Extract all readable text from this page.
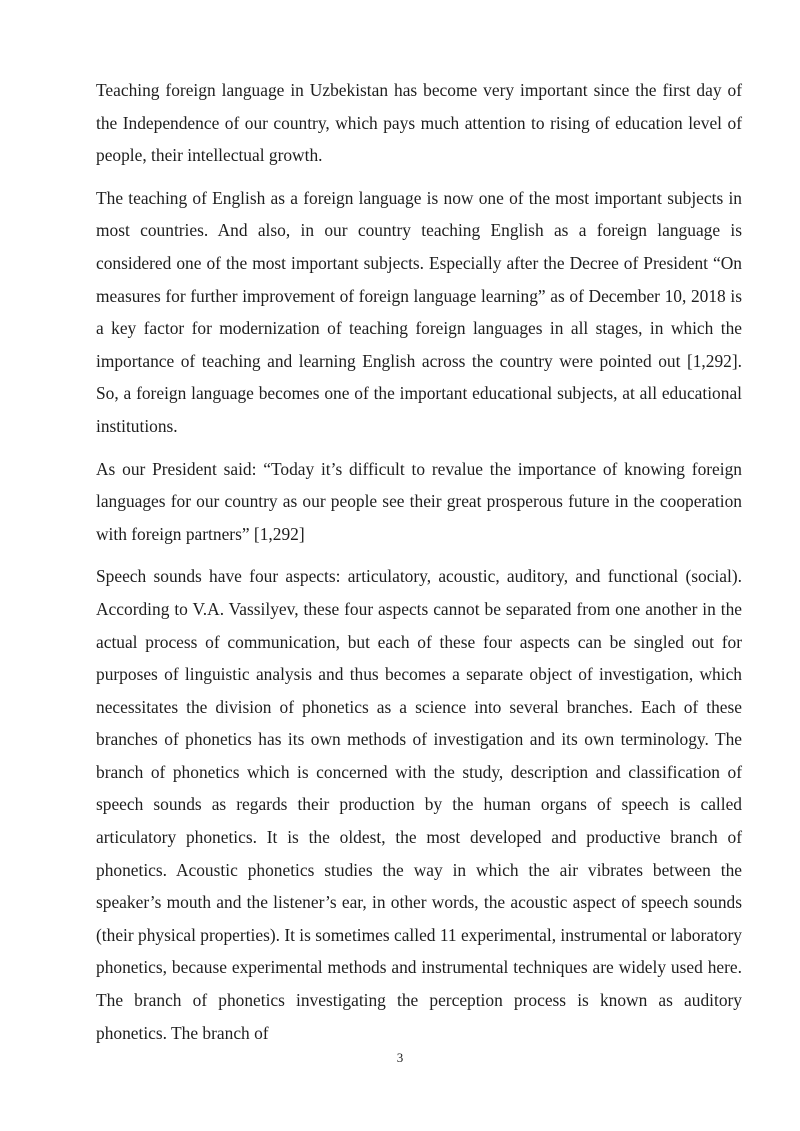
Teaching foreign language in Uzbekistan has become very important since the first day of the Independence of our country, which pays much attention to rising of education level of people, their intellectual growth.

The teaching of English as a foreign language is now one of the most important subjects in most countries. And also, in our country teaching English as a foreign language is considered one of the most important subjects. Especially after the Decree of President “On measures for further improvement of foreign language learning” as of December 10, 2018 is a key factor for modernization of teaching foreign languages in all stages, in which the importance of teaching and learning English across the country were pointed out [1,292]. So, a foreign language becomes one of the important educational subjects, at all educational institutions.

As our President said: “Today it’s difficult to revalue the importance of knowing foreign languages for our country as our people see their great prosperous future in the cooperation with foreign partners” [1,292]

Speech sounds have four aspects: articulatory, acoustic, auditory, and functional (social). According to V.A. Vassilyev, these four aspects cannot be separated from one another in the actual process of communication, but each of these four aspects can be singled out for purposes of linguistic analysis and thus becomes a separate object of investigation, which necessitates the division of phonetics as a science into several branches. Each of these branches of phonetics has its own methods of investigation and its own terminology. The branch of phonetics which is concerned with the study, description and classification of speech sounds as regards their production by the human organs of speech is called articulatory phonetics. It is the oldest, the most developed and productive branch of phonetics. Acoustic phonetics studies the way in which the air vibrates between the speaker’s mouth and the listener’s ear, in other words, the acoustic aspect of speech sounds (their physical properties). It is sometimes called 11 experimental, instrumental or laboratory phonetics, because experimental methods and instrumental techniques are widely used here. The branch of phonetics investigating the perception process is known as auditory phonetics. The branch of

3
